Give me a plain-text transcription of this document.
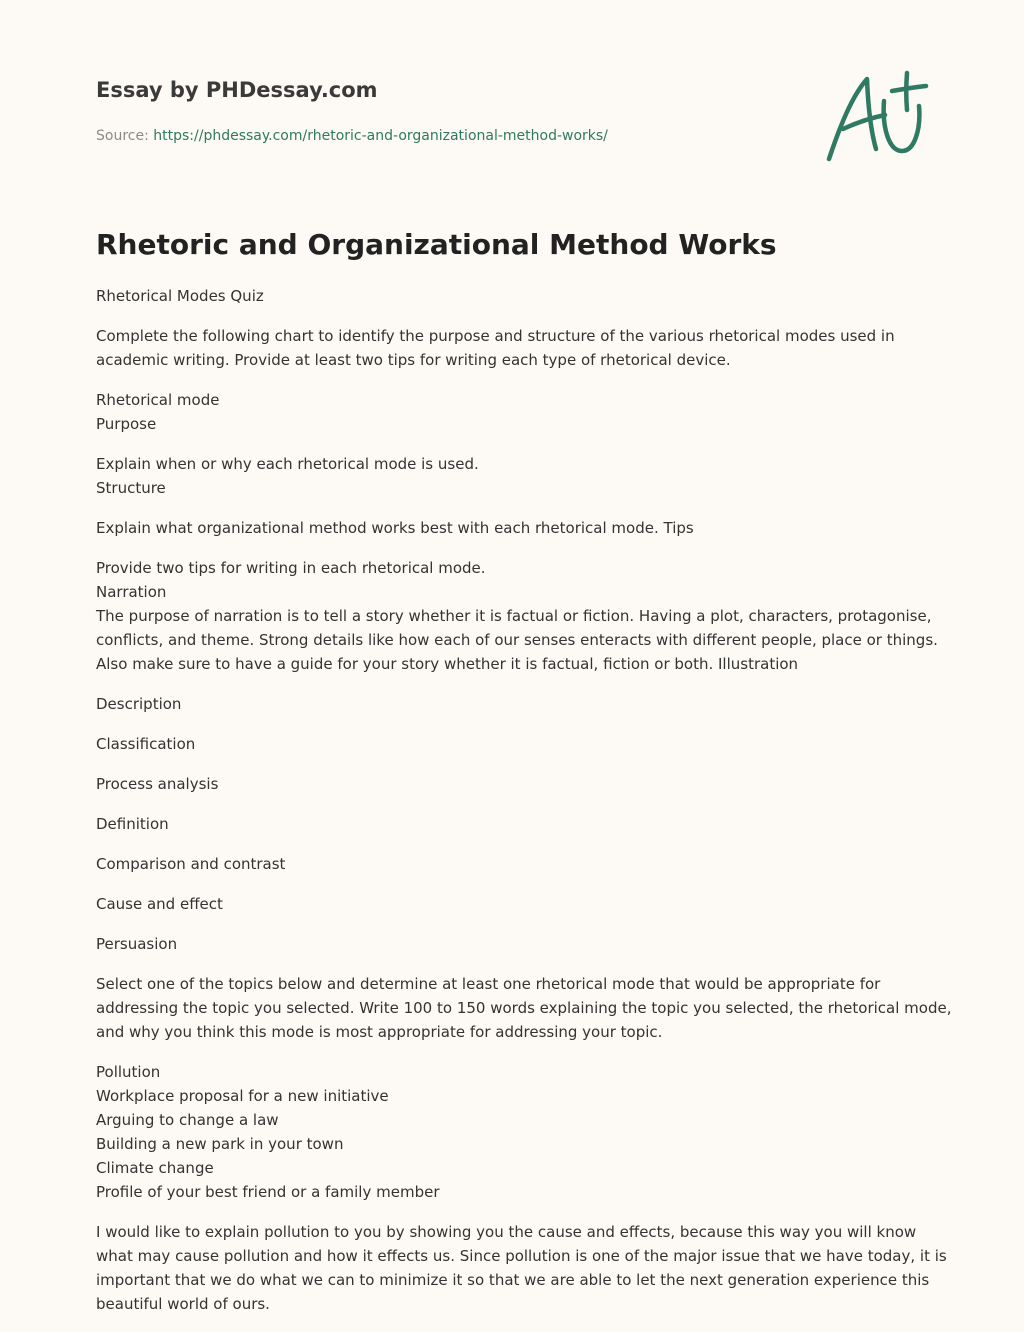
Essay by PHDessay.com
Source: https://phdessay.com/rhetoric-and-organizational-method-works/
Rhetoric and Organizational Method Works
Rhetorical Modes Quiz
Complete the following chart to identify the purpose and structure of the various rhetorical modes used in
academic writing. Provide at least two tips for writing each type of rhetorical device.
Rhetorical mode
Purpose
Explain when or why each rhetorical mode is used.
Structure
Explain what organizational method works best with each rhetorical mode. Tips
Provide two tips for writing in each rhetorical mode.
Narration
The purpose of narration is to tell a story whether it is factual or fiction. Having a plot, characters, protagonise,
conflicts, and theme. Strong details like how each of our senses enteracts with different people, place or things.
Also make sure to have a guide for your story whether it is factual, fiction or both. Illustration
Description
Classification
Process analysis
Definition
Comparison and contrast
Cause and effect
Persuasion
Select one of the topics below and determine at least one rhetorical mode that would be appropriate for
addressing the topic you selected. Write 100 to 150 words explaining the topic you selected, the rhetorical mode,
and why you think this mode is most appropriate for addressing your topic.
Pollution
Workplace proposal for a new initiative
Arguing to change a law
Building a new park in your town
Climate change
Profile of your best friend or a family member
I would like to explain pollution to you by showing you the cause and effects, because this way you will know
what may cause pollution and how it effects us. Since pollution is one of the major issue that we have today, it is
important that we do what we can to minimize it so that we are able to let the next generation experience this
beautiful world of ours.
